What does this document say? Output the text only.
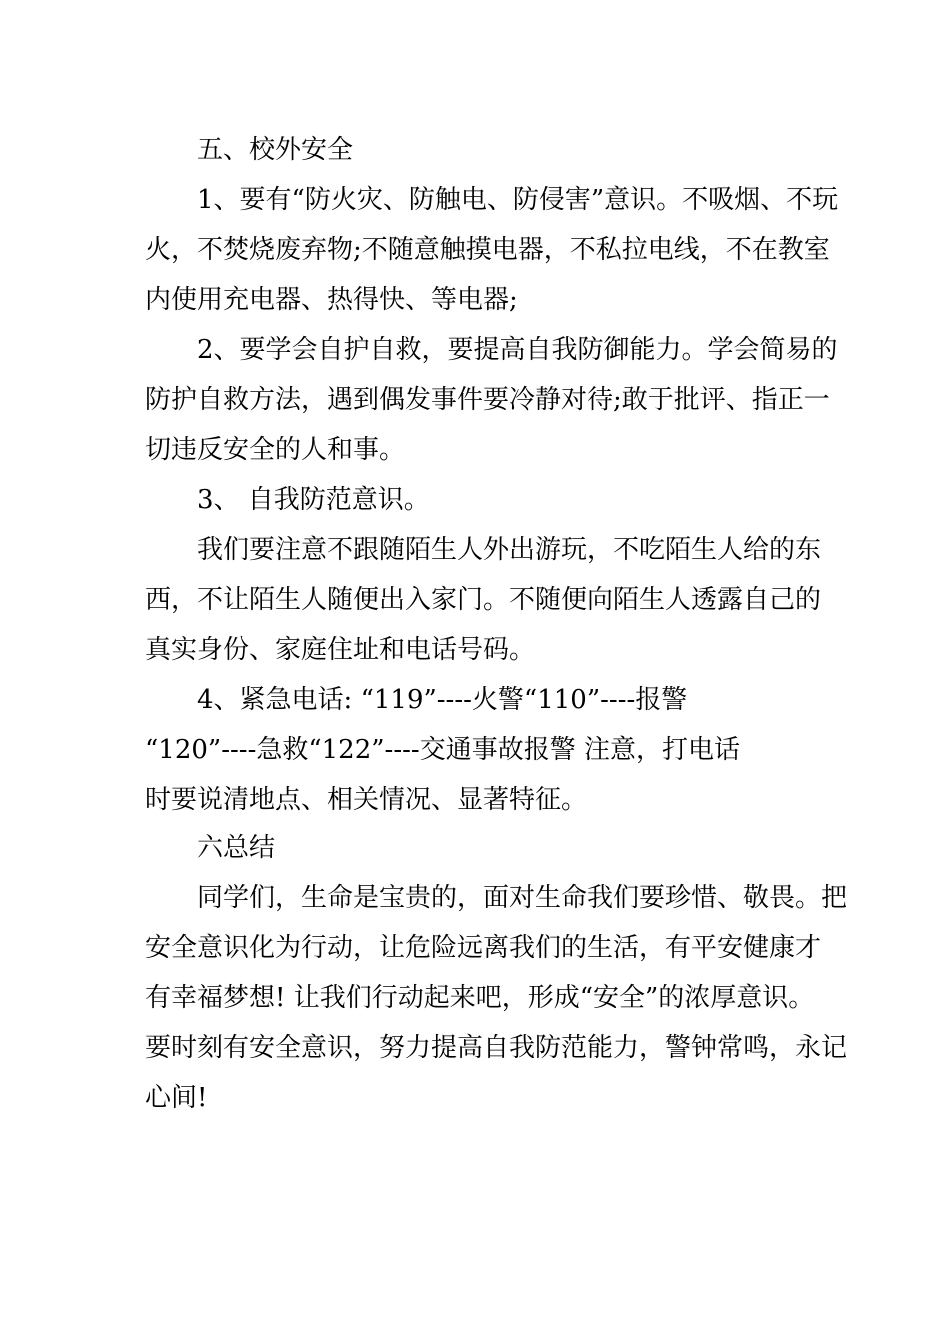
五、校外安全

1、要有“防火灾、防触电、防侵害”意识。不吸烟、不玩

火，不焚烧废弃物;不随意触摸电器，不私拉电线，不在教室

内使用充电器、热得快、等电器;

2、要学会自护自救，要提高自我防御能力。学会简易的

防护自救方法，遇到偶发事件要冷静对待;敢于批评、指正一

切违反安全的人和事。

3、 自我防范意识。

我们要注意不跟随陌生人外出游玩，不吃陌生人给的东

西，不让陌生人随便出入家门。不随便向陌生人透露自己的

真实身份、家庭住址和电话号码。

4、紧急电话: “119”----火警“110”----报警

“120”----急救“122”----交通事故报警 注意，打电话

时要说清地点、相关情况、显著特征。

六总结

同学们，生命是宝贵的，面对生命我们要珍惜、敬畏。把

安全意识化为行动，让危险远离我们的生活，有平安健康才

有幸福梦想! 让我们行动起来吧，形成“安全”的浓厚意识。

要时刻有安全意识，努力提高自我防范能力，警钟常鸣，永记

心间!
